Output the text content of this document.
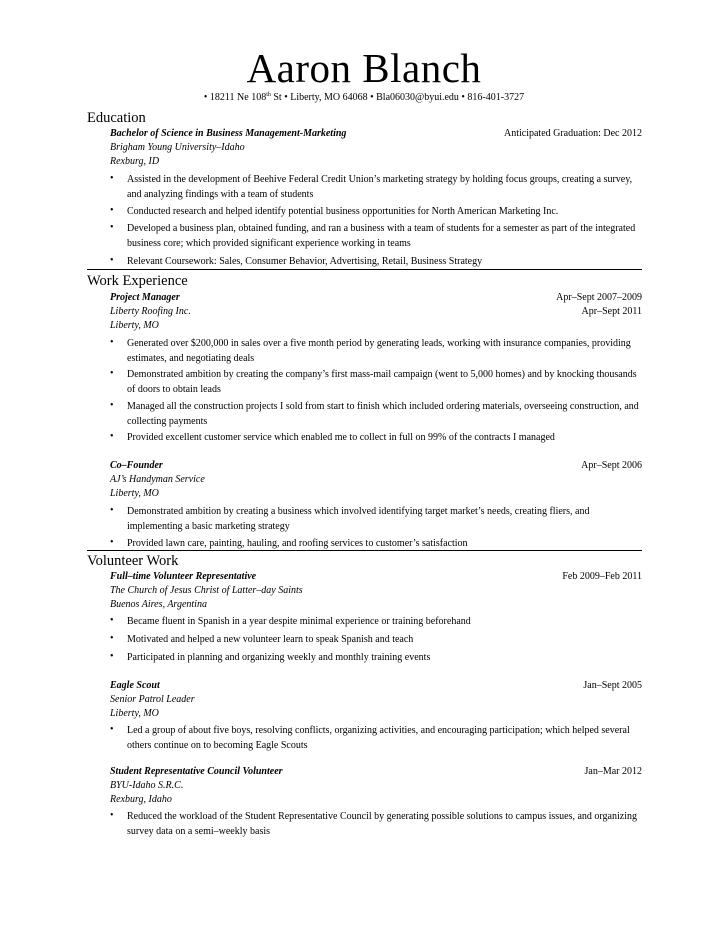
Aaron Blanch
• 18211 Ne 108th St • Liberty, MO 64068 • Bla06030@byui.edu • 816-401-3727
Education
Bachelor of Science in Business Management-Marketing	Anticipated Graduation: Dec 2012
Brigham Young University–Idaho
Rexburg, ID
• Assisted in the development of Beehive Federal Credit Union’s marketing strategy by holding focus groups, creating a survey, and analyzing findings with a team of students
• Conducted research and helped identify potential business opportunities for North American Marketing Inc.
• Developed a business plan, obtained funding, and ran a business with a team of students for a semester as part of the integrated business core; which provided significant experience working in teams
• Relevant Coursework: Sales, Consumer Behavior, Advertising, Retail, Business Strategy
Work Experience
Project Manager	Apr–Sept 2007–2009
Liberty Roofing Inc.	Apr–Sept 2011
Liberty, MO
• Generated over $200,000 in sales over a five month period by generating leads, working with insurance companies, providing estimates, and negotiating deals
• Demonstrated ambition by creating the company’s first mass-mail campaign (went to 5,000 homes) and by knocking thousands of doors to obtain leads
• Managed all the construction projects I sold from start to finish which included ordering materials, overseeing construction, and collecting payments
• Provided excellent customer service which enabled me to collect in full on 99% of the contracts I managed
Co–Founder	Apr–Sept 2006
AJ’s Handyman Service
Liberty, MO
• Demonstrated ambition by creating a business which involved identifying target market’s needs, creating fliers, and implementing a basic marketing strategy
• Provided lawn care, painting, hauling, and roofing services to customer’s satisfaction
Volunteer Work
Full–time Volunteer Representative	Feb 2009–Feb 2011
The Church of Jesus Christ of Latter–day Saints
Buenos Aires, Argentina
• Became fluent in Spanish in a year despite minimal experience or training beforehand
• Motivated and helped a new volunteer learn to speak Spanish and teach
• Participated in planning and organizing weekly and monthly training events
Eagle Scout	Jan–Sept 2005
Senior Patrol Leader
Liberty, MO
• Led a group of about five boys, resolving conflicts, organizing activities, and encouraging participation; which helped several others continue on to becoming Eagle Scouts
Student Representative Council Volunteer	Jan–Mar 2012
BYU-Idaho S.R.C.
Rexburg, Idaho
• Reduced the workload of the Student Representative Council by generating possible solutions to campus issues, and organizing survey data on a semi–weekly basis
